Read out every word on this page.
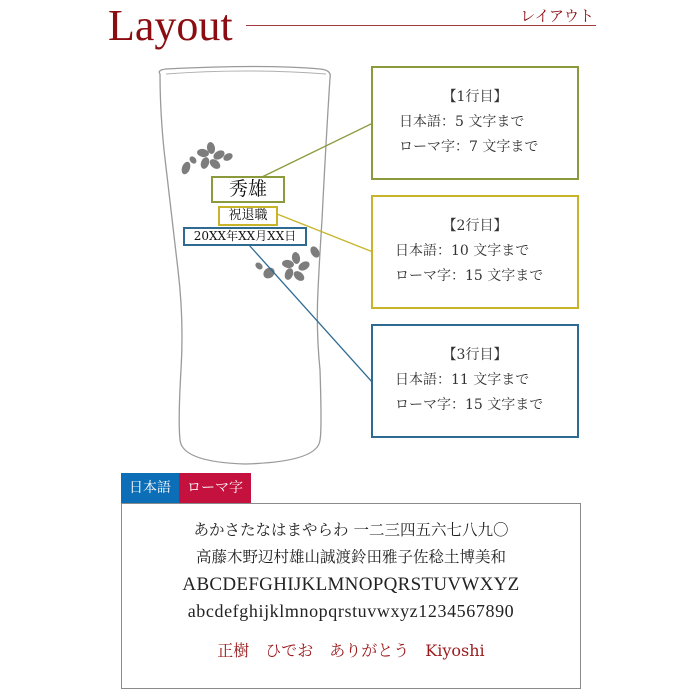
Layout	レイアウト
秀雄
祝退職
20XX年XX月XX日
【1行目】
日本語：5 文字まで
ローマ字：7 文字まで
【2行目】
日本語：10 文字まで
ローマ字：15 文字まで
【3行目】
日本語：11 文字まで
ローマ字：15 文字まで
日本語	ローマ字
あかさたなはまやらわ 一二三四五六七八九〇
高藤木野辺村雄山誠渡鈴田雅子佐稔土博美和
ABCDEFGHIJKLMNOPQRSTUVWXYZ
abcdefghijklmnopqrstuvwxyz1234567890
正樹　ひでお　ありがとう　Kiyoshi
